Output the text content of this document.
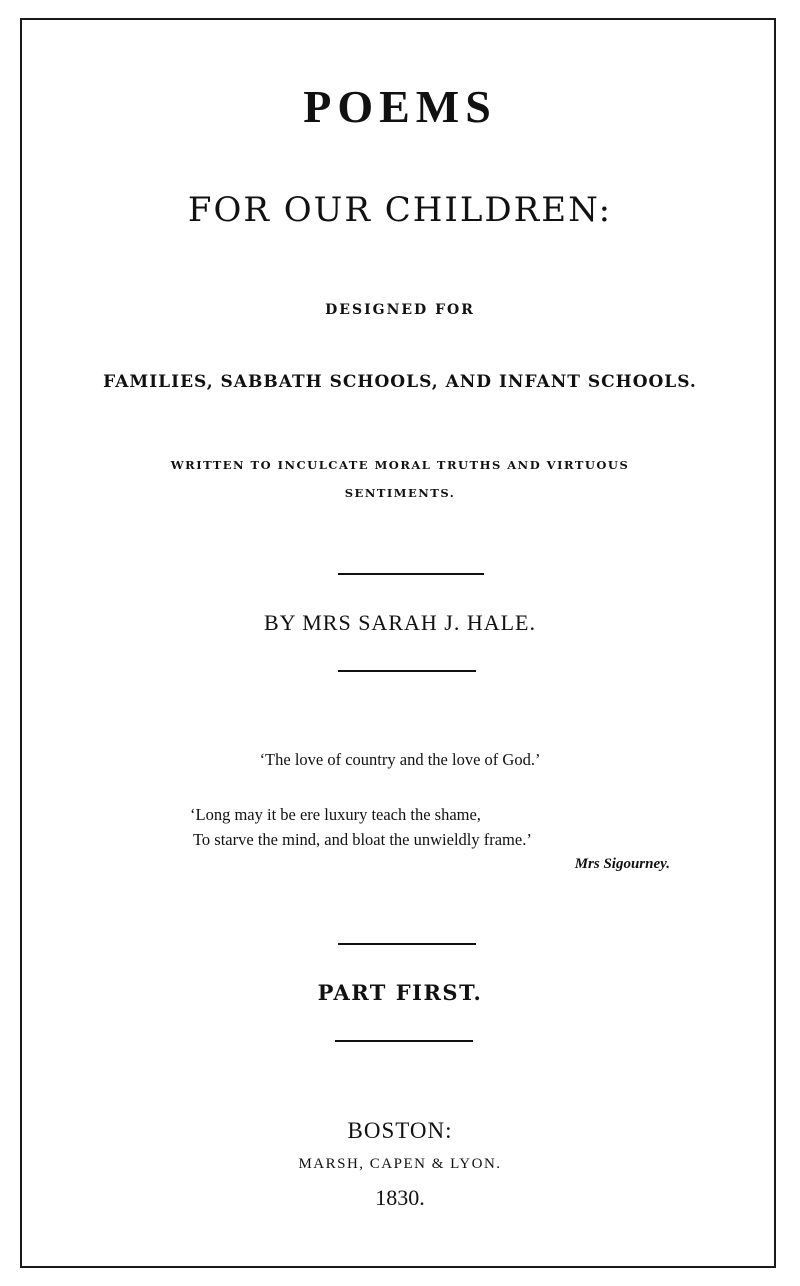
POEMS
FOR OUR CHILDREN:
DESIGNED FOR
FAMILIES, SABBATH SCHOOLS, AND INFANT SCHOOLS.
WRITTEN TO INCULCATE MORAL TRUTHS AND VIRTUOUS
SENTIMENTS.
BY MRS SARAH J. HALE.
‘The love of country and the love of God.’
‘Long may it be ere luxury teach the shame,
To starve the mind, and bloat the unwieldly frame.’
Mrs Sigourney.
PART FIRST.
BOSTON:
MARSH, CAPEN & LYON.
1830.
